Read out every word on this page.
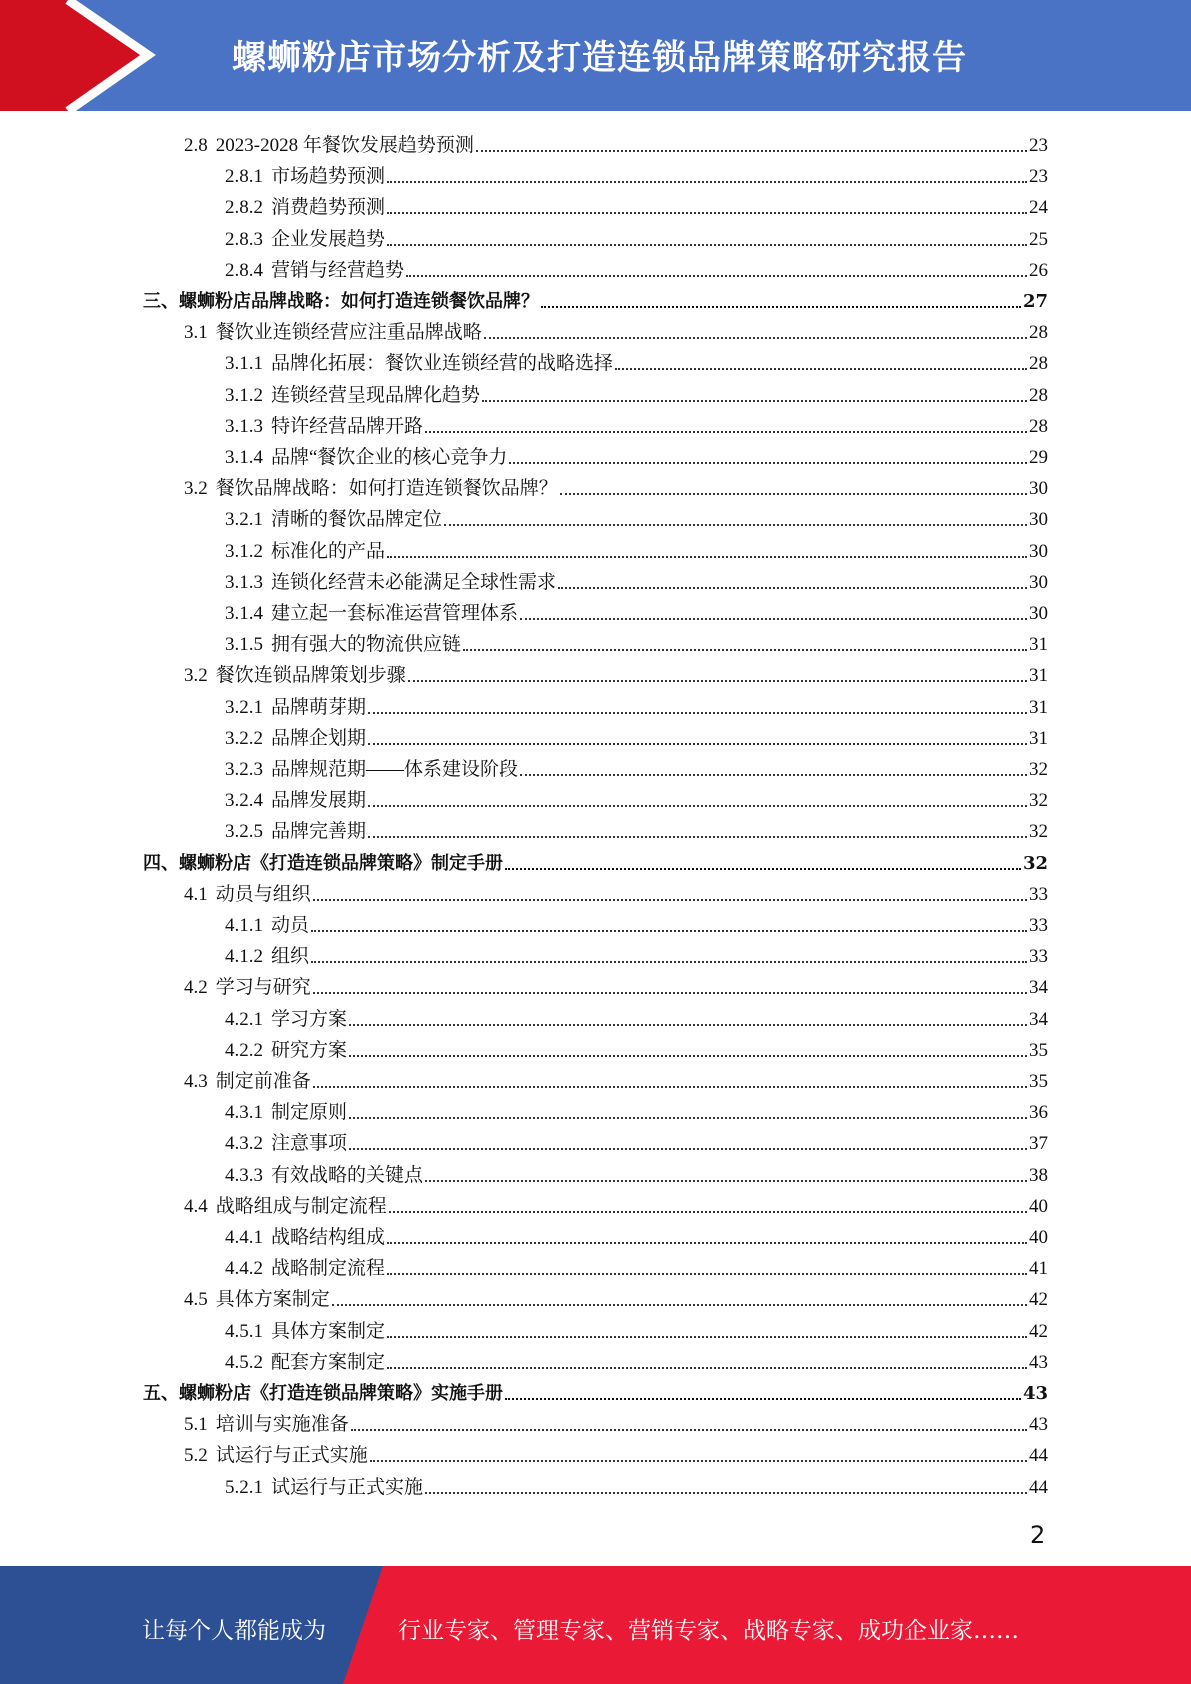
螺蛳粉店市场分析及打造连锁品牌策略研究报告
2.8 2023-2028 年餐饮发展趋势预测	23
2.8.1 市场趋势预测	23
2.8.2 消费趋势预测	24
2.8.3 企业发展趋势	25
2.8.4 营销与经营趋势	26
三、螺蛳粉店品牌战略：如何打造连锁餐饮品牌？	27
3.1 餐饮业连锁经营应注重品牌战略	28
3.1.1 品牌化拓展：餐饮业连锁经营的战略选择	28
3.1.2 连锁经营呈现品牌化趋势	28
3.1.3 特许经营品牌开路	28
3.1.4 品牌“餐饮企业的核心竞争力	29
3.2 餐饮品牌战略：如何打造连锁餐饮品牌？	30
3.2.1 清晰的餐饮品牌定位	30
3.1.2 标准化的产品	30
3.1.3 连锁化经营未必能满足全球性需求	30
3.1.4 建立起一套标准运营管理体系	30
3.1.5 拥有强大的物流供应链	31
3.2 餐饮连锁品牌策划步骤	31
3.2.1 品牌萌芽期	31
3.2.2 品牌企划期	31
3.2.3 品牌规范期——体系建设阶段	32
3.2.4 品牌发展期	32
3.2.5 品牌完善期	32
四、螺蛳粉店《打造连锁品牌策略》制定手册	32
4.1 动员与组织	33
4.1.1 动员	33
4.1.2 组织	33
4.2 学习与研究	34
4.2.1 学习方案	34
4.2.2 研究方案	35
4.3 制定前准备	35
4.3.1 制定原则	36
4.3.2 注意事项	37
4.3.3 有效战略的关键点	38
4.4 战略组成与制定流程	40
4.4.1 战略结构组成	40
4.4.2 战略制定流程	41
4.5 具体方案制定	42
4.5.1 具体方案制定	42
4.5.2 配套方案制定	43
五、螺蛳粉店《打造连锁品牌策略》实施手册	43
5.1 培训与实施准备	43
5.2 试运行与正式实施	44
5.2.1 试运行与正式实施	44
2
让每个人都能成为	行业专家、管理专家、营销专家、战略专家、成功企业家……
